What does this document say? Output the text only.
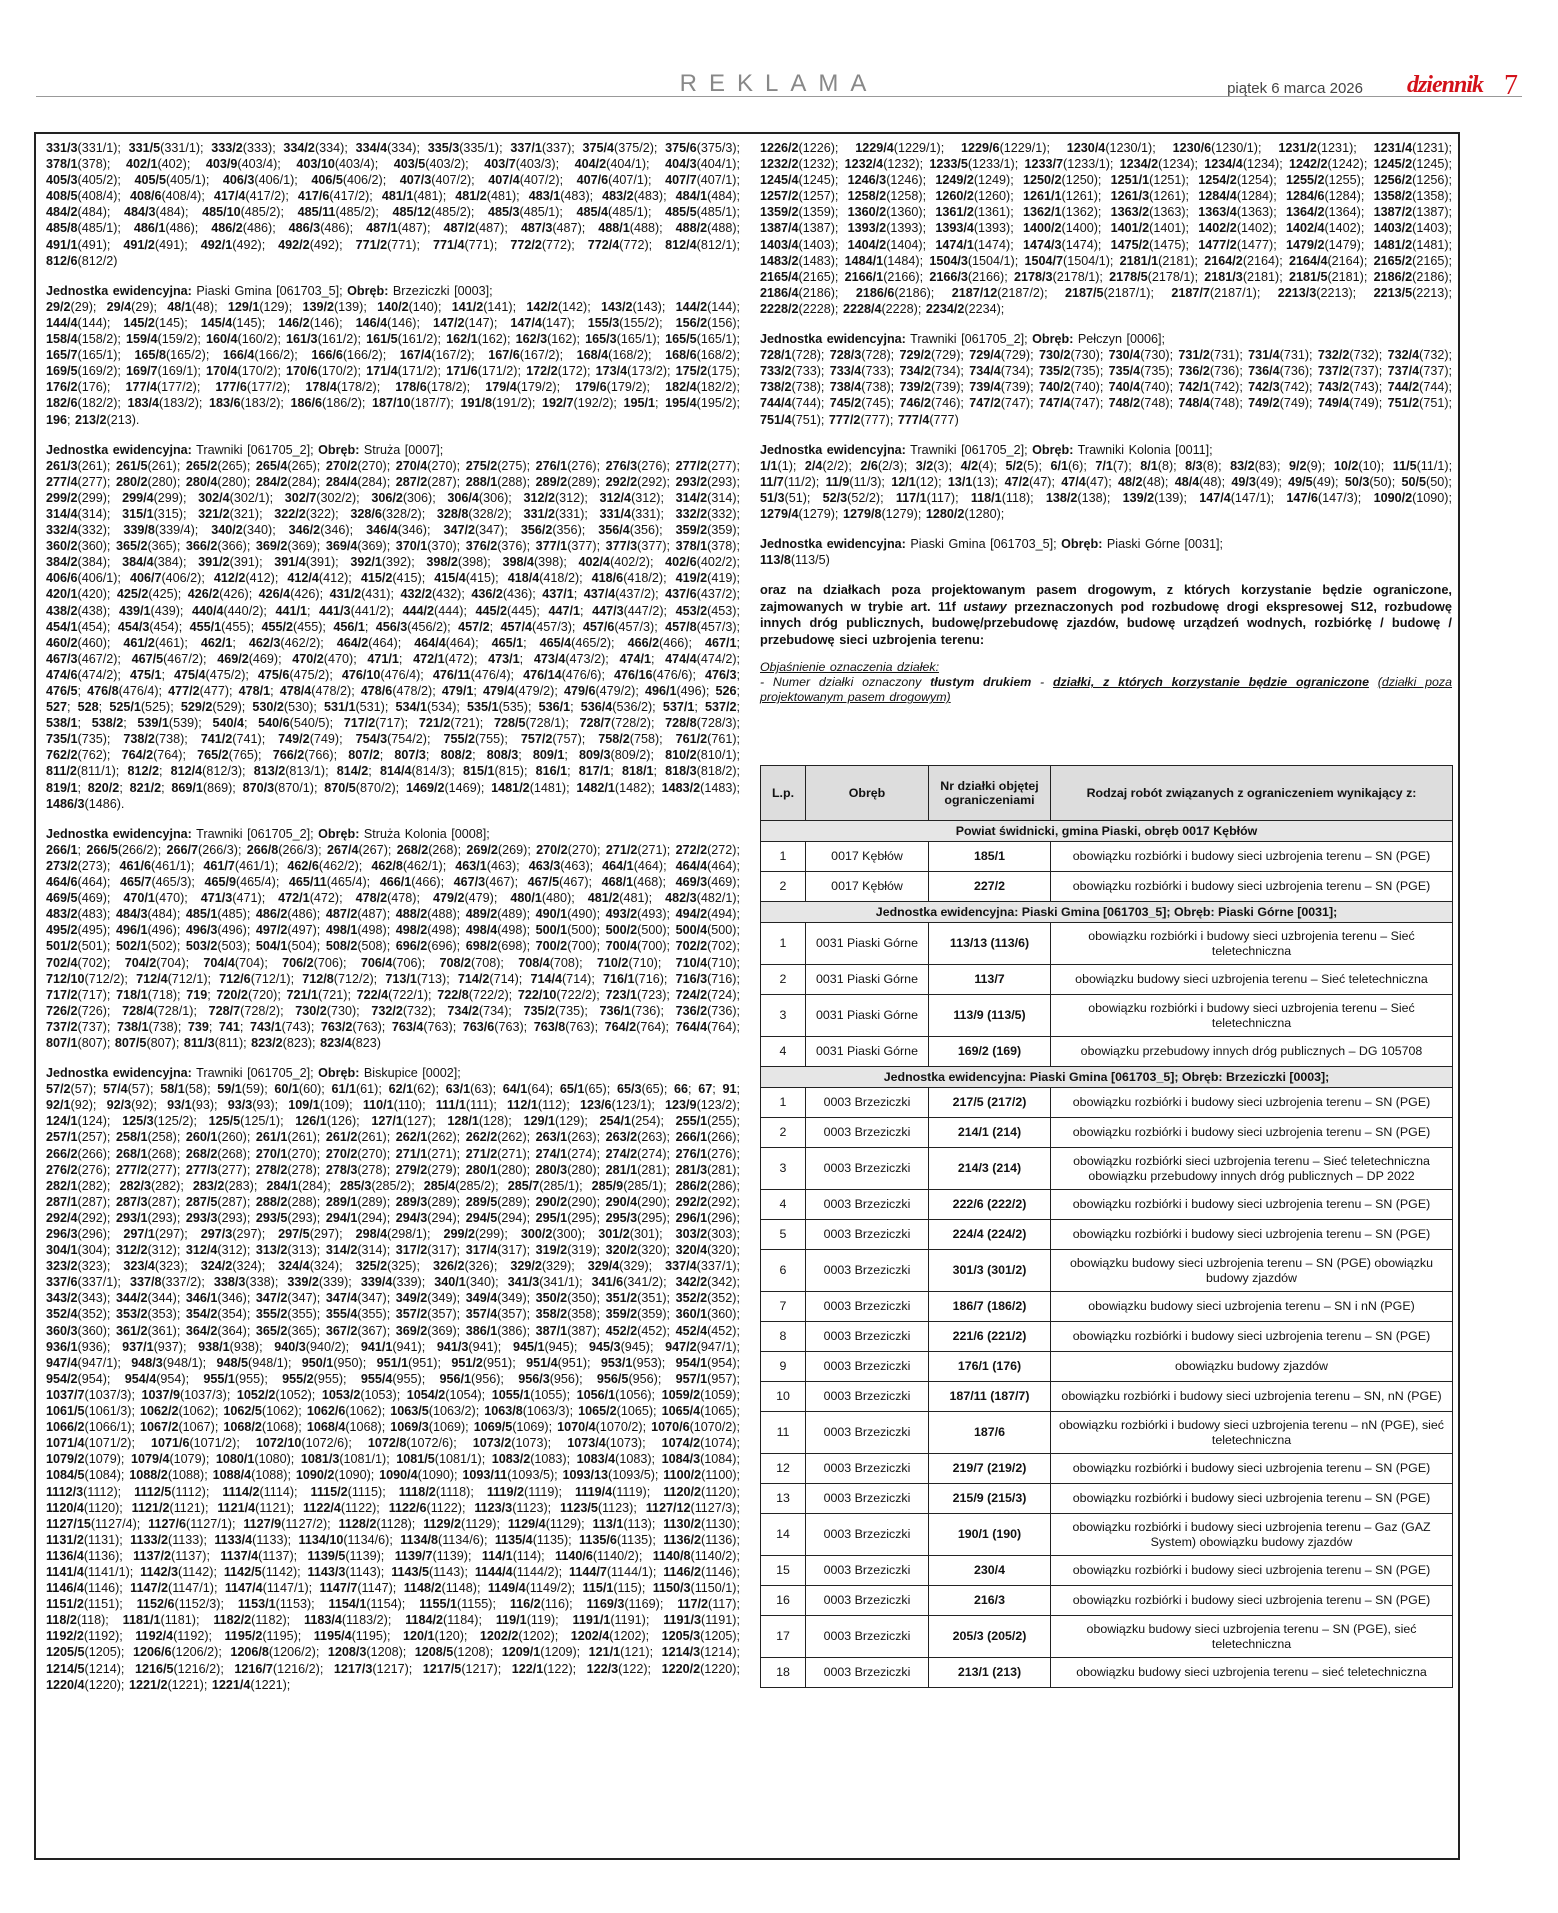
REKLAMA	piątek 6 marca 2026 dziennik 7

331/3(331/1); 331/5(331/1); 333/2(333); 334/2(334); 334/4(334); 335/3(335/1); 337/1(337); 375/4(375/2); 375/6(375/3); 378/1(378); 402/1(402); 403/9(403/4); 403/10(403/4); 403/5(403/2); 403/7(403/3); 404/2(404/1); 404/3(404/1); 405/3(405/2); 405/5(405/1); 406/3(406/1); 406/5(406/2); 407/3(407/2); 407/4(407/2); 407/6(407/1); 407/7(407/1); 408/5(408/4); 408/6(408/4); 417/4(417/2); 417/6(417/2); 481/1(481); 481/2(481); 483/1(483); 483/2(483); 484/1(484); 484/2(484); 484/3(484); 485/10(485/2); 485/11(485/2); 485/12(485/2); 485/3(485/1); 485/4(485/1); 485/5(485/1); 485/8(485/1); 486/1(486); 486/2(486); 486/3(486); 487/1(487); 487/2(487); 487/3(487); 488/1(488); 488/2(488); 491/1(491); 491/2(491); 492/1(492); 492/2(492); 771/2(771); 771/4(771); 772/2(772); 772/4(772); 812/4(812/1); 812/6(812/2)

Jednostka ewidencyjna: Piaski Gmina [061703_5]; Obręb: Brzeziczki [0003];

29/2(29); 29/4(29); 48/1(48); 129/1(129); 139/2(139); 140/2(140); 141/2(141); 142/2(142); 143/2(143); 144/2(144); 144/4(144); 145/2(145); 145/4(145); 146/2(146); 146/4(146); 147/2(147); 147/4(147); 155/3(155/2); 156/2(156); 158/4(158/2); 159/4(159/2); 160/4(160/2); 161/3(161/2); 161/5(161/2); 162/1(162); 162/3(162); 165/3(165/1); 165/5(165/1); 165/7(165/1); 165/8(165/2); 166/4(166/2); 166/6(166/2); 167/4(167/2); 167/6(167/2); 168/4(168/2); 168/6(168/2); 169/5(169/2); 169/7(169/1); 170/4(170/2); 170/6(170/2); 171/4(171/2); 171/6(171/2); 172/2(172); 173/4(173/2); 175/2(175); 176/2(176); 177/4(177/2); 177/6(177/2); 178/4(178/2); 178/6(178/2); 179/4(179/2); 179/6(179/2); 182/4(182/2); 182/6(182/2); 183/4(183/2); 183/6(183/2); 186/6(186/2); 187/10(187/7); 191/8(191/2); 192/7(192/2); 195/1; 195/4(195/2); 196; 213/2(213).

Jednostka ewidencyjna: Trawniki [061705_2]; Obręb: Struża [0007];

261/3(261); 261/5(261); 265/2(265); 265/4(265); 270/2(270); 270/4(270); 275/2(275); 276/1(276); 276/3(276); 277/2(277); 277/4(277); 280/2(280); 280/4(280); 284/2(284); 284/4(284); 287/2(287); 288/1(288); 289/2(289); 292/2(292); 293/2(293); 299/2(299); 299/4(299); 302/4(302/1); 302/7(302/2); 306/2(306); 306/4(306); 312/2(312); 312/4(312); 314/2(314); 314/4(314); 315/1(315); 321/2(321); 322/2(322); 328/6(328/2); 328/8(328/2); 331/2(331); 331/4(331); 332/2(332); 332/4(332); 339/8(339/4); 340/2(340); 346/2(346); 346/4(346); 347/2(347); 356/2(356); 356/4(356); 359/2(359); 360/2(360); 365/2(365); 366/2(366); 369/2(369); 369/4(369); 370/1(370); 376/2(376); 377/1(377); 377/3(377); 378/1(378); 384/2(384); 384/4(384); 391/2(391); 391/4(391); 392/1(392); 398/2(398); 398/4(398); 402/4(402/2); 402/6(402/2); 406/6(406/1); 406/7(406/2); 412/2(412); 412/4(412); 415/2(415); 415/4(415); 418/4(418/2); 418/6(418/2); 419/2(419); 420/1(420); 425/2(425); 426/2(426); 426/4(426); 431/2(431); 432/2(432); 436/2(436); 437/1; 437/4(437/2); 437/6(437/2); 438/2(438); 439/1(439); 440/4(440/2); 441/1; 441/3(441/2); 444/2(444); 445/2(445); 447/1; 447/3(447/2); 453/2(453); 454/1(454); 454/3(454); 455/1(455); 455/2(455); 456/1; 456/3(456/2); 457/2; 457/4(457/3); 457/6(457/3); 457/8(457/3); 460/2(460); 461/2(461); 462/1; 462/3(462/2); 464/2(464); 464/4(464); 465/1; 465/4(465/2); 466/2(466); 467/1; 467/3(467/2); 467/5(467/2); 469/2(469); 470/2(470); 471/1; 472/1(472); 473/1; 473/4(473/2); 474/1; 474/4(474/2); 474/6(474/2); 475/1; 475/4(475/2); 475/6(475/2); 476/10(476/4); 476/11(476/4); 476/14(476/6); 476/16(476/6); 476/3; 476/5; 476/8(476/4); 477/2(477); 478/1; 478/4(478/2); 478/6(478/2); 479/1; 479/4(479/2); 479/6(479/2); 496/1(496); 526; 527; 528; 525/1(525); 529/2(529); 530/2(530); 531/1(531); 534/1(534); 535/1(535); 536/1; 536/4(536/2); 537/1; 537/2; 538/1; 538/2; 539/1(539); 540/4; 540/6(540/5); 717/2(717); 721/2(721); 728/5(728/1); 728/7(728/2); 728/8(728/3); 735/1(735); 738/2(738); 741/2(741); 749/2(749); 754/3(754/2); 755/2(755); 757/2(757); 758/2(758); 761/2(761); 762/2(762); 764/2(764); 765/2(765); 766/2(766); 807/2; 807/3; 808/2; 808/3; 809/1; 809/3(809/2); 810/2(810/1); 811/2(811/1); 812/2; 812/4(812/3); 813/2(813/1); 814/2; 814/4(814/3); 815/1(815); 816/1; 817/1; 818/1; 818/3(818/2); 819/1; 820/2; 821/2; 869/1(869); 870/3(870/1); 870/5(870/2); 1469/2(1469); 1481/2(1481); 1482/1(1482); 1483/2(1483); 1486/3(1486).

Jednostka ewidencyjna: Trawniki [061705_2]; Obręb: Struża Kolonia [0008];

266/1; 266/5(266/2); 266/7(266/3); 266/8(266/3); 267/4(267); 268/2(268); 269/2(269); 270/2(270); 271/2(271); 272/2(272); 273/2(273); 461/6(461/1); 461/7(461/1); 462/6(462/2); 462/8(462/1); 463/1(463); 463/3(463); 464/1(464); 464/4(464); 464/6(464); 465/7(465/3); 465/9(465/4); 465/11(465/4); 466/1(466); 467/3(467); 467/5(467); 468/1(468); 469/3(469); 469/5(469); 470/1(470); 471/3(471); 472/1(472); 478/2(478); 479/2(479); 480/1(480); 481/2(481); 482/3(482/1); 483/2(483); 484/3(484); 485/1(485); 486/2(486); 487/2(487); 488/2(488); 489/2(489); 490/1(490); 493/2(493); 494/2(494); 495/2(495); 496/1(496); 496/3(496); 497/2(497); 498/1(498); 498/2(498); 498/4(498); 500/1(500); 500/2(500); 500/4(500); 501/2(501); 502/1(502); 503/2(503); 504/1(504); 508/2(508); 696/2(696); 698/2(698); 700/2(700); 700/4(700); 702/2(702); 702/4(702); 704/2(704); 704/4(704); 706/2(706); 706/4(706); 708/2(708); 708/4(708); 710/2(710); 710/4(710); 712/10(712/2); 712/4(712/1); 712/6(712/1); 712/8(712/2); 713/1(713); 714/2(714); 714/4(714); 716/1(716); 716/3(716); 717/2(717); 718/1(718); 719; 720/2(720); 721/1(721); 722/4(722/1); 722/8(722/2); 722/10(722/2); 723/1(723); 724/2(724); 726/2(726); 728/4(728/1); 728/7(728/2); 730/2(730); 732/2(732); 734/2(734); 735/2(735); 736/1(736); 736/2(736); 737/2(737); 738/1(738); 739; 741; 743/1(743); 763/2(763); 763/4(763); 763/6(763); 763/8(763); 764/2(764); 764/4(764); 807/1(807); 807/5(807); 811/3(811); 823/2(823); 823/4(823)

Jednostka ewidencyjna: Trawniki [061705_2]; Obręb: Biskupice [0002];

57/2(57); 57/4(57); 58/1(58); 59/1(59); 60/1(60); 61/1(61); 62/1(62); 63/1(63); 64/1(64); 65/1(65); 65/3(65); 66; 67; 91; 92/1(92); 92/3(92); 93/1(93); 93/3(93); 109/1(109); 110/1(110); 111/1(111); 112/1(112); 123/6(123/1); 123/9(123/2); 124/1(124); 125/3(125/2); 125/5(125/1); 126/1(126); 127/1(127); 128/1(128); 129/1(129); 254/1(254); 255/1(255); 257/1(257); 258/1(258); 260/1(260); 261/1(261); 261/2(261); 262/1(262); 262/2(262); 263/1(263); 263/2(263); 266/1(266); 266/2(266); 268/1(268); 268/2(268); 270/1(270); 270/2(270); 271/1(271); 271/2(271); 274/1(274); 274/2(274); 276/1(276); 276/2(276); 277/2(277); 277/3(277); 278/2(278); 278/3(278); 279/2(279); 280/1(280); 280/3(280); 281/1(281); 281/3(281); 282/1(282); 282/3(282); 283/2(283); 284/1(284); 285/3(285/2); 285/4(285/2); 285/7(285/1); 285/9(285/1); 286/2(286); 287/1(287); 287/3(287); 287/5(287); 288/2(288); 289/1(289); 289/3(289); 289/5(289); 290/2(290); 290/4(290); 292/2(292); 292/4(292); 293/1(293); 293/3(293); 293/5(293); 294/1(294); 294/3(294); 294/5(294); 295/1(295); 295/3(295); 296/1(296); 296/3(296); 297/1(297); 297/3(297); 297/5(297); 298/4(298/1); 299/2(299); 300/2(300); 301/2(301); 303/2(303); 304/1(304); 312/2(312); 312/4(312); 313/2(313); 314/2(314); 317/2(317); 317/4(317); 319/2(319); 320/2(320); 320/4(320); 323/2(323); 323/4(323); 324/2(324); 324/4(324); 325/2(325); 326/2(326); 329/2(329); 329/4(329); 337/4(337/1); 337/6(337/1); 337/8(337/2); 338/3(338); 339/2(339); 339/4(339); 340/1(340); 341/3(341/1); 341/6(341/2); 342/2(342); 343/2(343); 344/2(344); 346/1(346); 347/2(347); 347/4(347); 349/2(349); 349/4(349); 350/2(350); 351/2(351); 352/2(352); 352/4(352); 353/2(353); 354/2(354); 355/2(355); 355/4(355); 357/2(357); 357/4(357); 358/2(358); 359/2(359); 360/1(360); 360/3(360); 361/2(361); 364/2(364); 365/2(365); 367/2(367); 369/2(369); 386/1(386); 387/1(387); 452/2(452); 452/4(452); 936/1(936); 937/1(937); 938/1(938); 940/3(940/2); 941/1(941); 941/3(941); 945/1(945); 945/3(945); 947/2(947/1); 947/4(947/1); 948/3(948/1); 948/5(948/1); 950/1(950); 951/1(951); 951/2(951); 951/4(951); 953/1(953); 954/1(954); 954/2(954); 954/4(954); 955/1(955); 955/2(955); 955/4(955); 956/1(956); 956/3(956); 956/5(956); 957/1(957); 1037/7(1037/3); 1037/9(1037/3); 1052/2(1052); 1053/2(1053); 1054/2(1054); 1055/1(1055); 1056/1(1056); 1059/2(1059); 1061/5(1061/3); 1062/2(1062); 1062/5(1062); 1062/6(1062); 1063/5(1063/2); 1063/8(1063/3); 1065/2(1065); 1065/4(1065); 1066/2(1066/1); 1067/2(1067); 1068/2(1068); 1068/4(1068); 1069/3(1069); 1069/5(1069); 1070/4(1070/2); 1070/6(1070/2); 1071/4(1071/2); 1071/6(1071/2); 1072/10(1072/6); 1072/8(1072/6); 1073/2(1073); 1073/4(1073); 1074/2(1074); 1079/2(1079); 1079/4(1079); 1080/1(1080); 1081/3(1081/1); 1081/5(1081/1); 1083/2(1083); 1083/4(1083); 1084/3(1084); 1084/5(1084); 1088/2(1088); 1088/4(1088); 1090/2(1090); 1090/4(1090); 1093/11(1093/5); 1093/13(1093/5); 1100/2(1100); 1112/3(1112); 1112/5(1112); 1114/2(1114); 1115/2(1115); 1118/2(1118); 1119/2(1119); 1119/4(1119); 1120/2(1120); 1120/4(1120); 1121/2(1121); 1121/4(1121); 1122/4(1122); 1122/6(1122); 1123/3(1123); 1123/5(1123); 1127/12(1127/3); 1127/15(1127/4); 1127/6(1127/1); 1127/9(1127/2); 1128/2(1128); 1129/2(1129); 1129/4(1129); 113/1(113); 1130/2(1130); 1131/2(1131); 1133/2(1133); 1133/4(1133); 1134/10(1134/6); 1134/8(1134/6); 1135/4(1135); 1135/6(1135); 1136/2(1136); 1136/4(1136); 1137/2(1137); 1137/4(1137); 1139/5(1139); 1139/7(1139); 114/1(114); 1140/6(1140/2); 1140/8(1140/2); 1141/4(1141/1); 1142/3(1142); 1142/5(1142); 1143/3(1143); 1143/5(1143); 1144/4(1144/2); 1144/7(1144/1); 1146/2(1146); 1146/4(1146); 1147/2(1147/1); 1147/4(1147/1); 1147/7(1147); 1148/2(1148); 1149/4(1149/2); 115/1(115); 1150/3(1150/1); 1151/2(1151); 1152/6(1152/3); 1153/1(1153); 1154/1(1154); 1155/1(1155); 116/2(116); 1169/3(1169); 117/2(117); 118/2(118); 1181/1(1181); 1182/2(1182); 1183/4(1183/2); 1184/2(1184); 119/1(119); 1191/1(1191); 1191/3(1191); 1192/2(1192); 1192/4(1192); 1195/2(1195); 1195/4(1195); 120/1(120); 1202/2(1202); 1202/4(1202); 1205/3(1205); 1205/5(1205); 1206/6(1206/2); 1206/8(1206/2); 1208/3(1208); 1208/5(1208); 1209/1(1209); 121/1(121); 1214/3(1214); 1214/5(1214); 1216/5(1216/2); 1216/7(1216/2); 1217/3(1217); 1217/5(1217); 122/1(122); 122/3(122); 1220/2(1220); 1220/4(1220); 1221/2(1221); 1221/4(1221);

1226/2(1226); 1229/4(1229/1); 1229/6(1229/1); 1230/4(1230/1); 1230/6(1230/1); 1231/2(1231); 1231/4(1231); 1232/2(1232); 1232/4(1232); 1233/5(1233/1); 1233/7(1233/1); 1234/2(1234); 1234/4(1234); 1242/2(1242); 1245/2(1245); 1245/4(1245); 1246/3(1246); 1249/2(1249); 1250/2(1250); 1251/1(1251); 1254/2(1254); 1255/2(1255); 1256/2(1256); 1257/2(1257); 1258/2(1258); 1260/2(1260); 1261/1(1261); 1261/3(1261); 1284/4(1284); 1284/6(1284); 1358/2(1358); 1359/2(1359); 1360/2(1360); 1361/2(1361); 1362/1(1362); 1363/2(1363); 1363/4(1363); 1364/2(1364); 1387/2(1387); 1387/4(1387); 1393/2(1393); 1393/4(1393); 1400/2(1400); 1401/2(1401); 1402/2(1402); 1402/4(1402); 1403/2(1403); 1403/4(1403); 1404/2(1404); 1474/1(1474); 1474/3(1474); 1475/2(1475); 1477/2(1477); 1479/2(1479); 1481/2(1481); 1483/2(1483); 1484/1(1484); 1504/3(1504/1); 1504/7(1504/1); 2181/1(2181); 2164/2(2164); 2164/4(2164); 2165/2(2165); 2165/4(2165); 2166/1(2166); 2166/3(2166); 2178/3(2178/1); 2178/5(2178/1); 2181/3(2181); 2181/5(2181); 2186/2(2186); 2186/4(2186); 2186/6(2186); 2187/12(2187/2); 2187/5(2187/1); 2187/7(2187/1); 2213/3(2213); 2213/5(2213); 2228/2(2228); 2228/4(2228); 2234/2(2234);

Jednostka ewidencyjna: Trawniki [061705_2]; Obręb: Pełczyn [0006];

728/1(728); 728/3(728); 729/2(729); 729/4(729); 730/2(730); 730/4(730); 731/2(731); 731/4(731); 732/2(732); 732/4(732); 733/2(733); 733/4(733); 734/2(734); 734/4(734); 735/2(735); 735/4(735); 736/2(736); 736/4(736); 737/2(737); 737/4(737); 738/2(738); 738/4(738); 739/2(739); 739/4(739); 740/2(740); 740/4(740); 742/1(742); 742/3(742); 743/2(743); 744/2(744); 744/4(744); 745/2(745); 746/2(746); 747/2(747); 747/4(747); 748/2(748); 748/4(748); 749/2(749); 749/4(749); 751/2(751); 751/4(751); 777/2(777); 777/4(777)

Jednostka ewidencyjna: Trawniki [061705_2]; Obręb: Trawniki Kolonia [0011];

1/1(1); 2/4(2/2); 2/6(2/3); 3/2(3); 4/2(4); 5/2(5); 6/1(6); 7/1(7); 8/1(8); 8/3(8); 83/2(83); 9/2(9); 10/2(10); 11/5(11/1); 11/7(11/2); 11/9(11/3); 12/1(12); 13/1(13); 47/2(47); 47/4(47); 48/2(48); 48/4(48); 49/3(49); 49/5(49); 50/3(50); 50/5(50); 51/3(51); 52/3(52/2); 117/1(117); 118/1(118); 138/2(138); 139/2(139); 147/4(147/1); 147/6(147/3); 1090/2(1090); 1279/4(1279); 1279/8(1279); 1280/2(1280);

Jednostka ewidencyjna: Piaski Gmina [061703_5]; Obręb: Piaski Górne [0031];

113/8(113/5)

oraz na działkach poza projektowanym pasem drogowym, z których korzystanie będzie ograniczone, zajmowanych w trybie art. 11f ustawy przeznaczonych pod rozbudowę drogi ekspresowej S12, rozbudowę innych dróg publicznych, budowę/przebudowę zjazdów, budowę urządzeń wodnych, rozbiórkę / budowę / przebudowę sieci uzbrojenia terenu:

Objaśnienie oznaczenia działek:
- Numer działki oznaczony tłustym drukiem - działki, z których korzystanie będzie ograniczone (działki poza projektowanym pasem drogowym)
L.p.	Obręb	Nr działki objętej ograniczeniami	Rodzaj robót związanych z ograniczeniem wynikający z:
Powiat świdnicki, gmina Piaski, obręb 0017 Kębłów			
1	0017 Kębłów	185/1	obowiązku rozbiórki i budowy sieci uzbrojenia terenu – SN (PGE)
2	0017 Kębłów	227/2	obowiązku rozbiórki i budowy sieci uzbrojenia terenu – SN (PGE)
Jednostka ewidencyjna: Piaski Gmina [061703_5]; Obręb: Piaski Górne [0031];			
1	0031 Piaski Górne	113/13 (113/6)	obowiązku rozbiórki i budowy sieci uzbrojenia terenu – Sieć teletechniczna
2	0031 Piaski Górne	113/7	obowiązku budowy sieci uzbrojenia terenu – Sieć teletechniczna
3	0031 Piaski Górne	113/9 (113/5)	obowiązku rozbiórki i budowy sieci uzbrojenia terenu – Sieć teletechniczna
4	0031 Piaski Górne	169/2 (169)	obowiązku przebudowy innych dróg publicznych – DG 105708
Jednostka ewidencyjna: Piaski Gmina [061703_5]; Obręb: Brzeziczki [0003];			
1	0003 Brzeziczki	217/5 (217/2)	obowiązku rozbiórki i budowy sieci uzbrojenia terenu – SN (PGE)
2	0003 Brzeziczki	214/1 (214)	obowiązku rozbiórki i budowy sieci uzbrojenia terenu – SN (PGE)
3	0003 Brzeziczki	214/3 (214)	obowiązku rozbiórki sieci uzbrojenia terenu – Sieć teletechniczna obowiązku przebudowy innych dróg publicznych – DP 2022
4	0003 Brzeziczki	222/6 (222/2)	obowiązku rozbiórki i budowy sieci uzbrojenia terenu – SN (PGE)
5	0003 Brzeziczki	224/4 (224/2)	obowiązku rozbiórki i budowy sieci uzbrojenia terenu – SN (PGE)
6	0003 Brzeziczki	301/3 (301/2)	obowiązku budowy sieci uzbrojenia terenu – SN (PGE) obowiązku budowy zjazdów
7	0003 Brzeziczki	186/7 (186/2)	obowiązku budowy sieci uzbrojenia terenu – SN i nN (PGE)
8	0003 Brzeziczki	221/6 (221/2)	obowiązku rozbiórki i budowy sieci uzbrojenia terenu – SN (PGE)
9	0003 Brzeziczki	176/1 (176)	obowiązku budowy zjazdów
10	0003 Brzeziczki	187/11 (187/7)	obowiązku rozbiórki i budowy sieci uzbrojenia terenu – SN, nN (PGE)
11	0003 Brzeziczki	187/6	obowiązku rozbiórki i budowy sieci uzbrojenia terenu – nN (PGE), sieć teletechniczna
12	0003 Brzeziczki	219/7 (219/2)	obowiązku rozbiórki i budowy sieci uzbrojenia terenu – SN (PGE)
13	0003 Brzeziczki	215/9 (215/3)	obowiązku rozbiórki i budowy sieci uzbrojenia terenu – SN (PGE)
14	0003 Brzeziczki	190/1 (190)	obowiązku rozbiórki i budowy sieci uzbrojenia terenu – Gaz (GAZ System) obowiązku budowy zjazdów
15	0003 Brzeziczki	230/4	obowiązku rozbiórki i budowy sieci uzbrojenia terenu – SN (PGE)
16	0003 Brzeziczki	216/3	obowiązku rozbiórki i budowy sieci uzbrojenia terenu – SN (PGE)
17	0003 Brzeziczki	205/3 (205/2)	obowiązku budowy sieci uzbrojenia terenu – SN (PGE), sieć teletechniczna
18	0003 Brzeziczki	213/1 (213)	obowiązku budowy sieci uzbrojenia terenu – sieć teletechniczna
